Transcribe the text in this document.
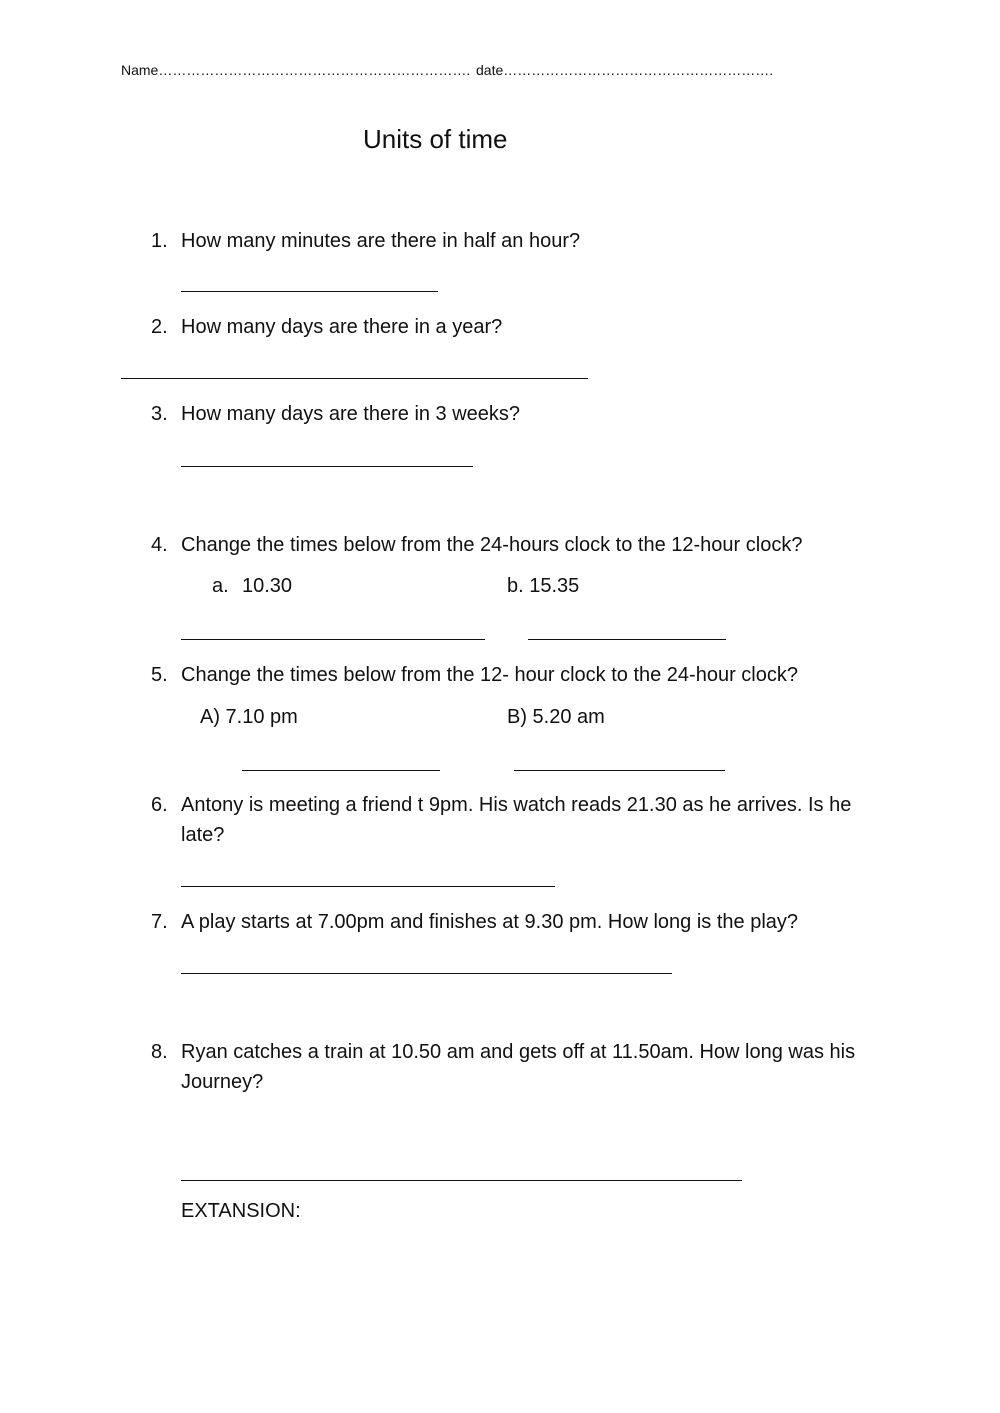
Name…………………………………………………………. date………………………………………………….
Units of time
1. How many minutes are there in half an hour?
2. How many days are there in a year?
3. How many days are there in 3 weeks?
4. Change the times below from the 24-hours clock to the 12-hour clock?
a. 10.30	b. 15.35
5. Change the times below from the 12- hour clock to the 24-hour clock?
A) 7.10 pm	B) 5.20 am
6. Antony is meeting a friend t 9pm. His watch reads 21.30 as he arrives. Is he late?
7. A play starts at 7.00pm and finishes at 9.30 pm. How long is the play?
8. Ryan catches a train at 10.50 am and gets off at 11.50am. How long was his Journey?
EXTANSION:
